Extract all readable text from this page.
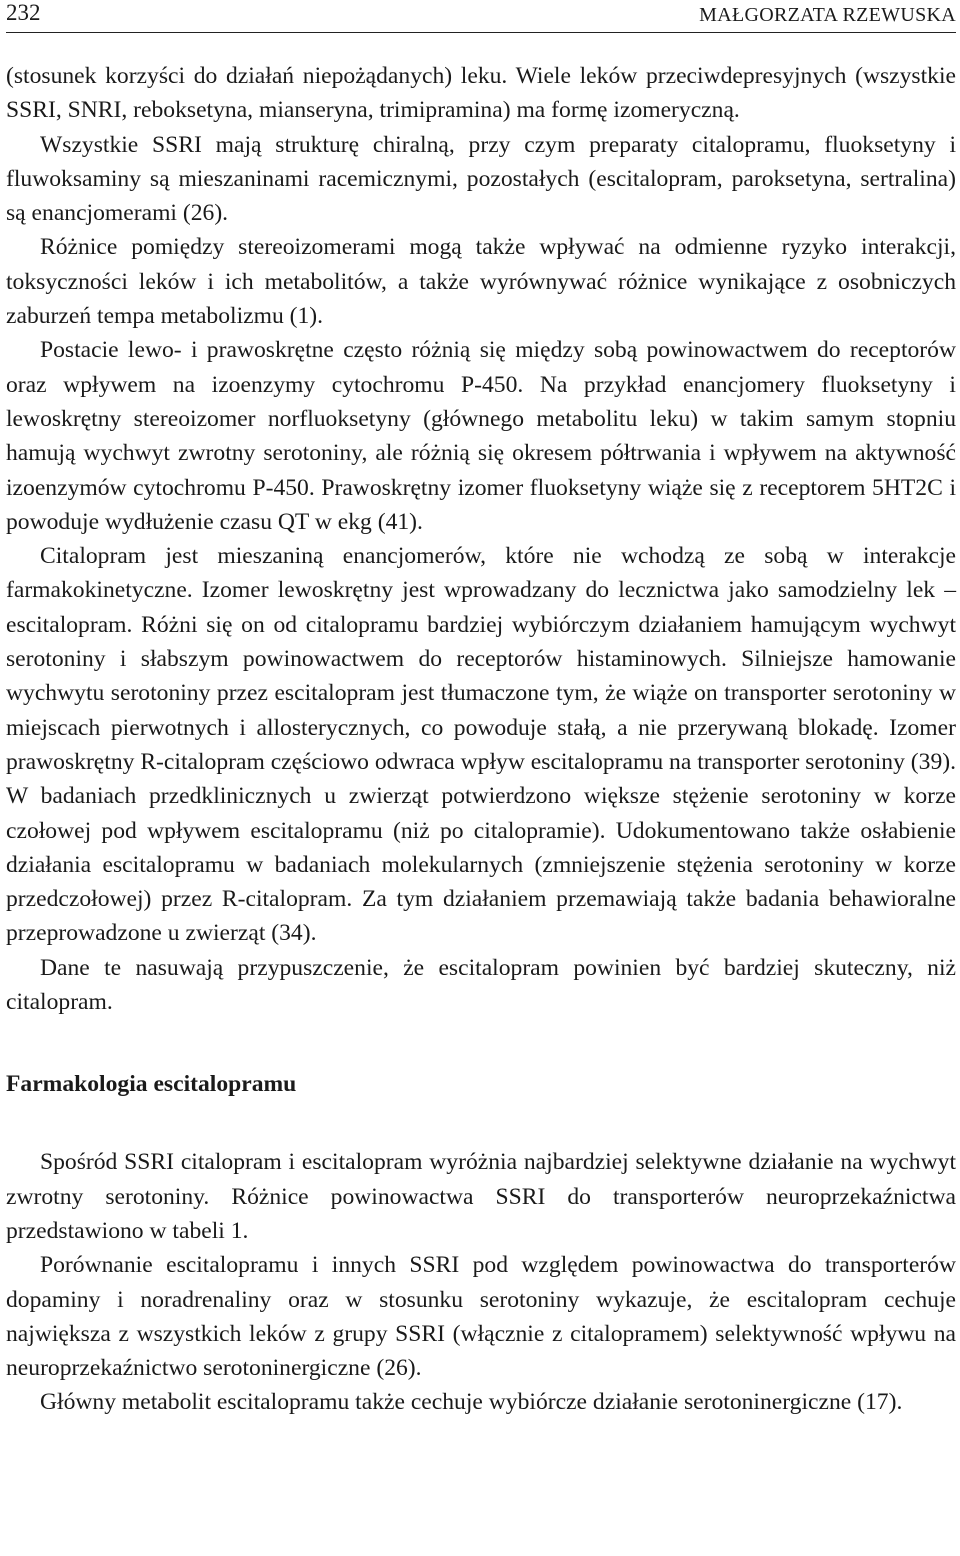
232	MAŁGORZATA RZEWUSKA

(stosunek korzyści do działań niepożądanych) leku. Wiele leków przeciwdepresyjnych (wszystkie SSRI, SNRI, reboksetyna, mianseryna, trimipramina) ma formę izomeryczną.

Wszystkie SSRI mają strukturę chiralną, przy czym preparaty citalopramu, fluoksetyny i fluwoksaminy są mieszaninami racemicznymi, pozostałych (escitalopram, paroksetyna, sertralina) są enancjomerami (26).

Różnice pomiędzy stereoizomerami mogą także wpływać na odmienne ryzyko interakcji, toksyczności leków i ich metabolitów, a także wyrównywać różnice wynikające z osobniczych zaburzeń tempa metabolizmu (1).

Postacie lewo- i prawoskrętne często różnią się między sobą powinowactwem do receptorów oraz wpływem na izoenzymy cytochromu P-450. Na przykład enancjomery fluoksetyny i lewoskrętny stereoizomer norfluoksetyny (głównego metabolitu leku) w takim samym stopniu hamują wychwyt zwrotny serotoniny, ale różnią się okresem półtrwania i wpływem na aktywność izoenzymów cytochromu P-450. Prawoskrętny izomer fluoksetyny wiąże się z receptorem 5HT2C i powoduje wydłużenie czasu QT w ekg (41).

Citalopram jest mieszaniną enancjomerów, które nie wchodzą ze sobą w interakcje farmakokinetyczne. Izomer lewoskrętny jest wprowadzany do lecznictwa jako samodzielny lek – escitalopram. Różni się on od citalopramu bardziej wybiórczym działaniem hamującym wychwyt serotoniny i słabszym powinowactwem do receptorów histaminowych. Silniejsze hamowanie wychwytu serotoniny przez escitalopram jest tłumaczone tym, że wiąże on transporter serotoniny w miejscach pierwotnych i allosterycznych, co powoduje stałą, a nie przerywaną blokadę. Izomer prawoskrętny R-citalopram częściowo odwraca wpływ escitalopramu na transporter serotoniny (39). W badaniach przedklinicznych u zwierząt potwierdzono większe stężenie serotoniny w korze czołowej pod wpływem escitalopramu (niż po citalopramie). Udokumentowano także osłabienie działania escitalopramu w badaniach molekularnych (zmniejszenie stężenia serotoniny w korze przedczołowej) przez R-citalopram. Za tym działaniem przemawiają także badania behawioralne przeprowadzone u zwierząt (34).

Dane te nasuwają przypuszczenie, że escitalopram powinien być bardziej skuteczny, niż citalopram.

Farmakologia escitalopramu

Spośród SSRI citalopram i escitalopram wyróżnia najbardziej selektywne działanie na wychwyt zwrotny serotoniny. Różnice powinowactwa SSRI do transporterów neuroprzekaźnictwa przedstawiono w tabeli 1.

Porównanie escitalopramu i innych SSRI pod względem powinowactwa do transporterów dopaminy i noradrenaliny oraz w stosunku serotoniny wykazuje, że escitalopram cechuje największa z wszystkich leków z grupy SSRI (włącznie z citalopramem) selektywność wpływu na neuroprzekaźnictwo serotoninergiczne (26).

Główny metabolit escitalopramu także cechuje wybiórcze działanie serotoninergiczne (17).
